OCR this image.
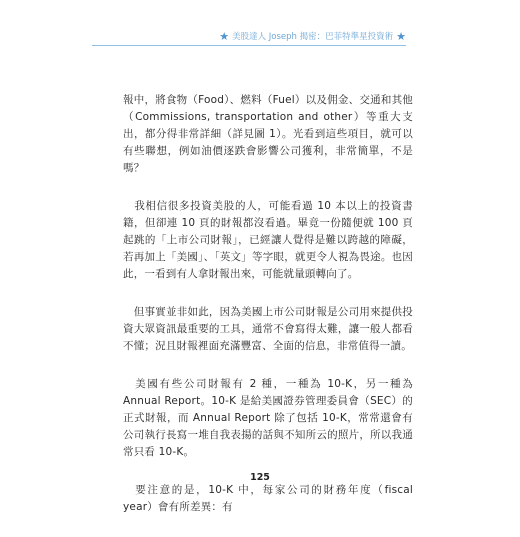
★ 美股達人 Joseph 揭密：巴菲特準星投資術 ★

報中，將食物（Food）、燃料（Fuel）以及佣金、交通和其他（Commissions, transportation and other）等重大支出，都分得非常詳細（詳見圖 1）。光看到這些項目，就可以有些聯想，例如油價逐跌會影響公司獲利，非常簡單，不是嗎？

　我相信很多投資美股的人，可能看過 10 本以上的投資書籍，但卻連 10 頁的財報都沒看過。畢竟一份隨便就 100 頁起跳的「上市公司財報」，已經讓人覺得是難以跨越的障礙，若再加上「美國」、「英文」等字眼，就更令人視為畏途。也因此，一看到有人拿財報出來，可能就量頭轉向了。

　但事實並非如此，因為美國上市公司財報是公司用來提供投資大眾資訊最重要的工具，通常不會寫得太難，讓一般人都看不懂；況且財報裡面充滿豐富、全面的信息，非常值得一讀。

　美國有些公司財報有 2 種，一種為 10-K，另一種為 Annual Report。10-K 是給美國證券管理委員會（SEC）的正式財報，而 Annual Report 除了包括 10-K，常常還會有公司執行長寫一堆自我表揚的話與不知所云的照片，所以我通常只看 10-K。

　要注意的是，10-K 中，每家公司的財務年度（fiscal year）會有所差異：有

125
